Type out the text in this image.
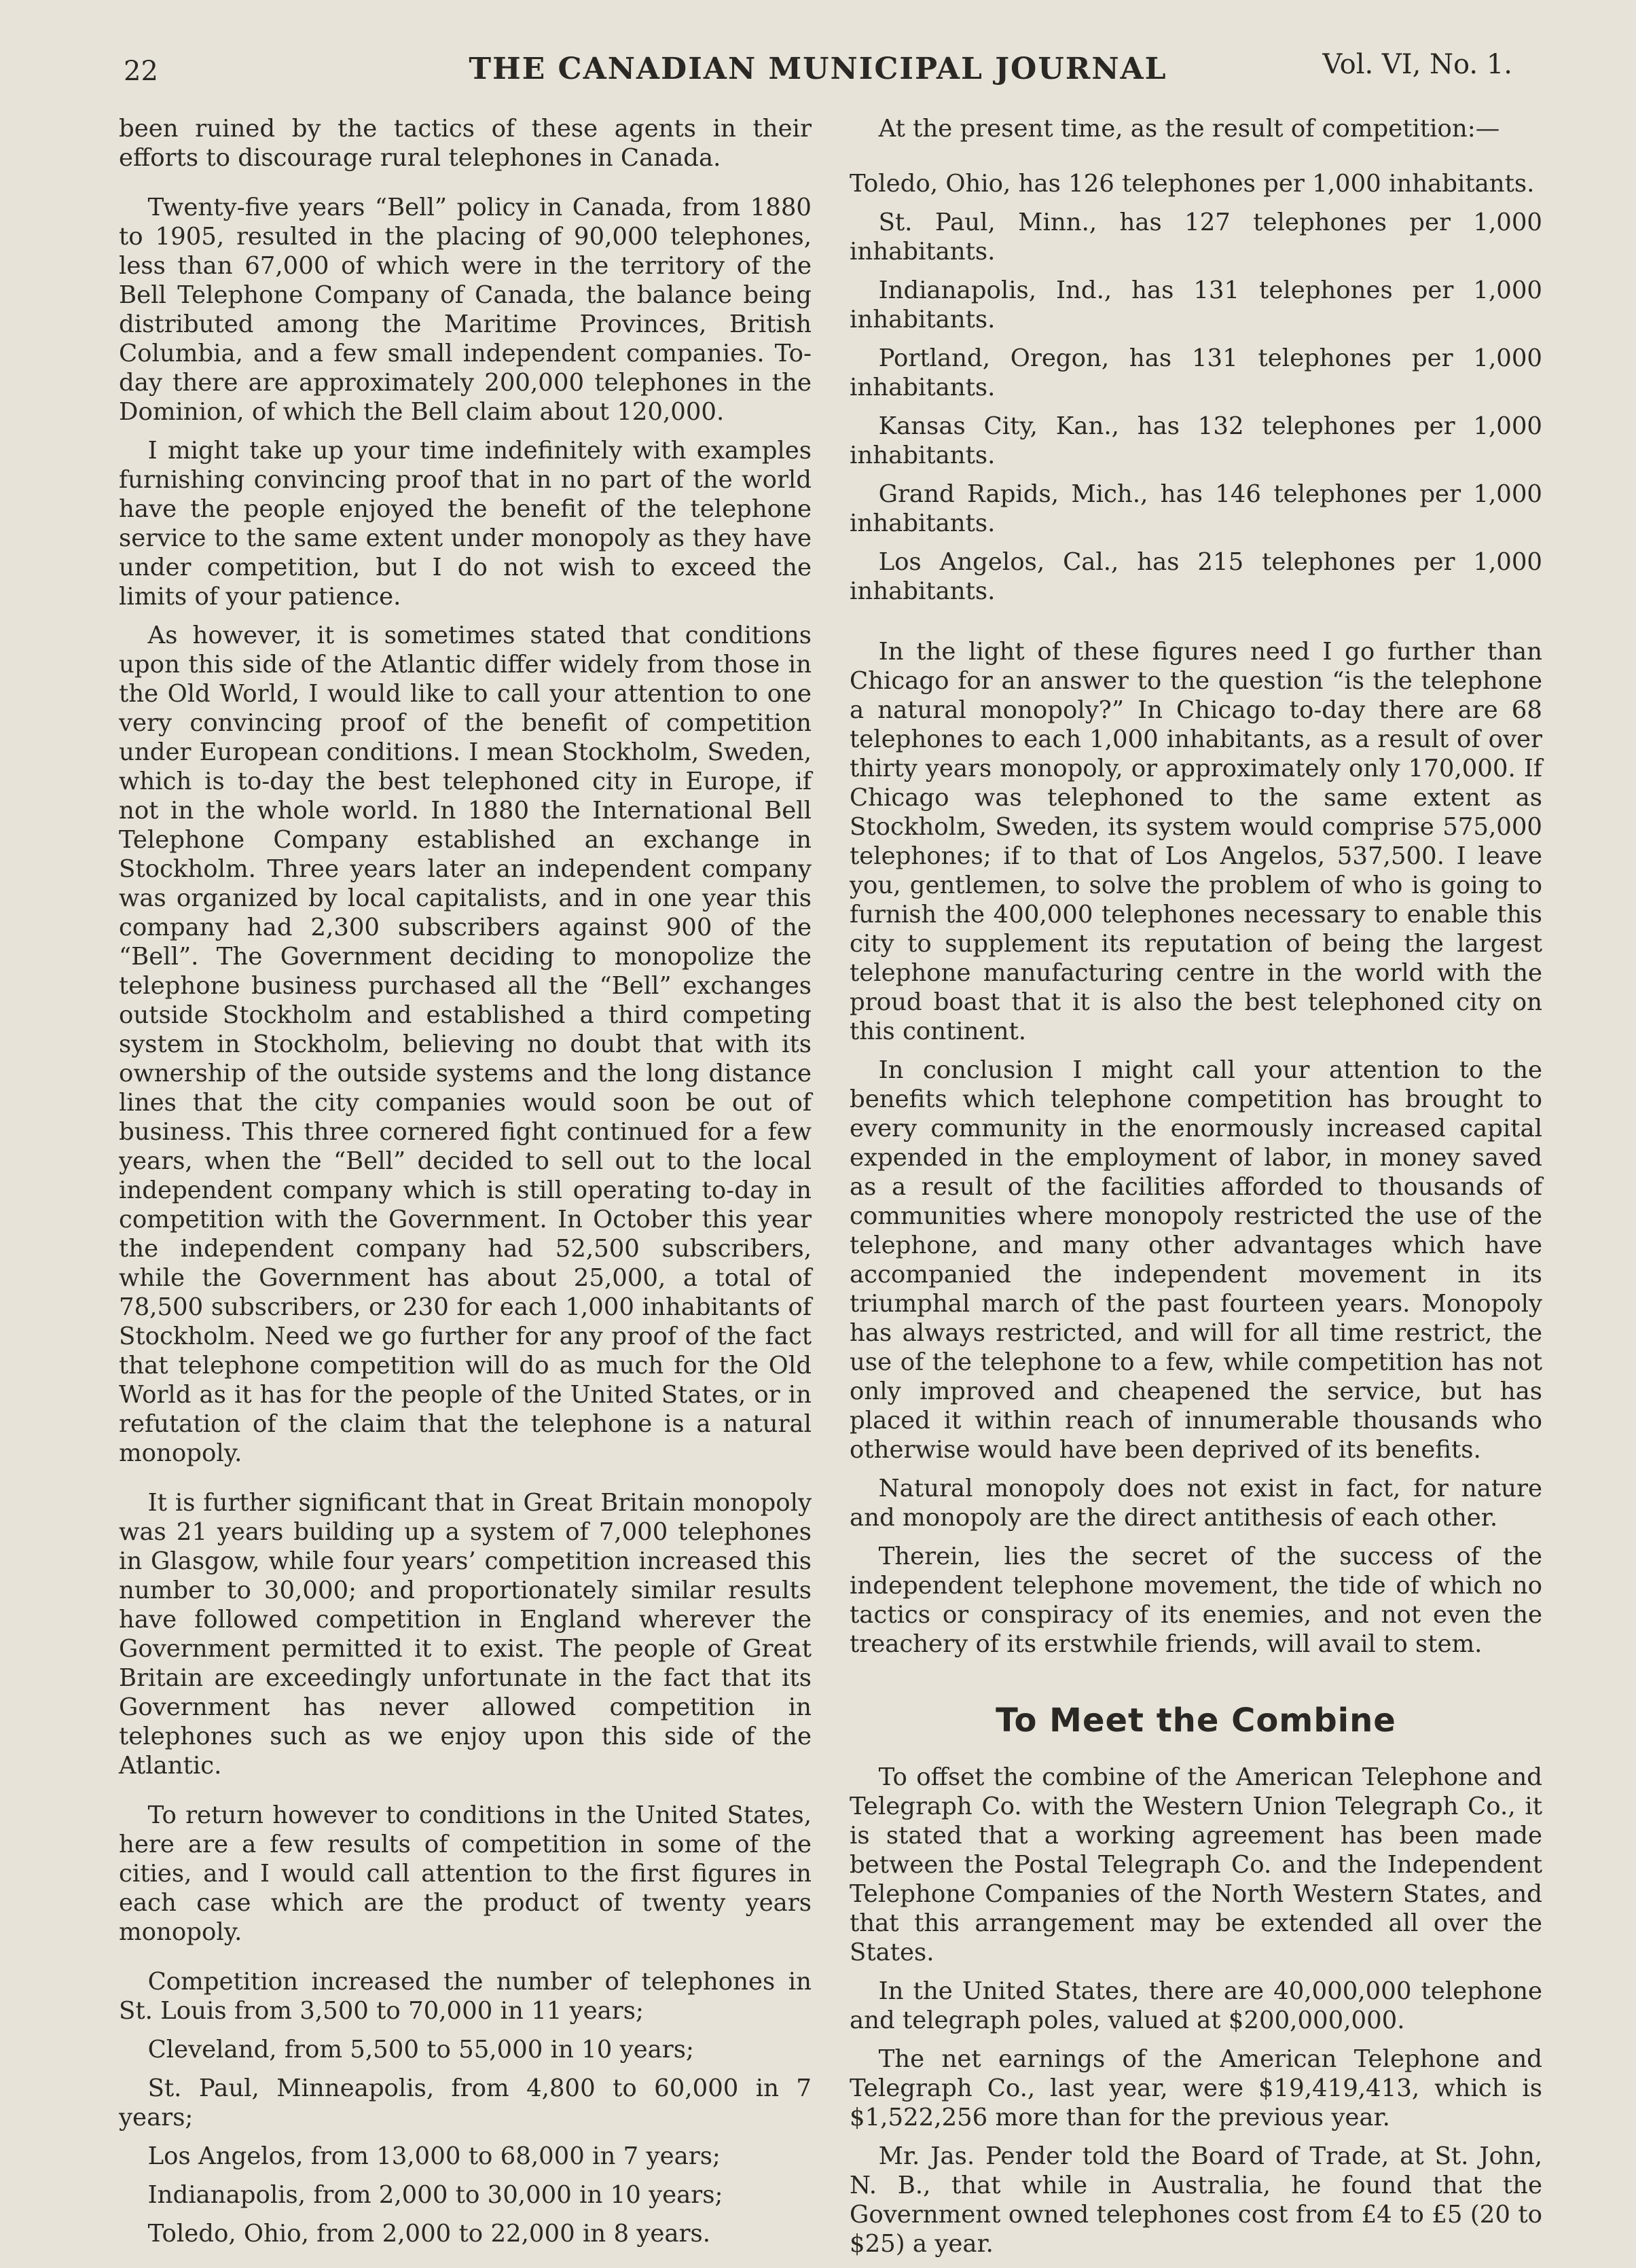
22	THE CANADIAN MUNICIPAL JOURNAL	Vol. VI, No. 1.

been ruined by the tactics of these agents in their efforts to discourage rural telephones in Canada.

Twenty-five years “Bell” policy in Canada, from 1880 to 1905, resulted in the placing of 90,000 telephones, less than 67,000 of which were in the territory of the Bell Telephone Company of Canada, the balance being distributed among the Maritime Provinces, British Columbia, and a few small independent companies. To-day there are approximately 200,000 telephones in the Dominion, of which the Bell claim about 120,000.

I might take up your time indefinitely with examples furnishing convincing proof that in no part of the world have the people enjoyed the benefit of the telephone service to the same extent under monopoly as they have under competition, but I do not wish to exceed the limits of your patience.

As however, it is sometimes stated that conditions upon this side of the Atlantic differ widely from those in the Old World, I would like to call your attention to one very convincing proof of the benefit of competition under European conditions. I mean Stockholm, Sweden, which is to-day the best telephoned city in Europe, if not in the whole world. In 1880 the International Bell Telephone Company established an exchange in Stockholm. Three years later an independent company was organized by local capitalists, and in one year this company had 2,300 subscribers against 900 of the “Bell”. The Government deciding to monopolize the telephone business purchased all the “Bell” exchanges outside Stockholm and established a third competing system in Stockholm, believing no doubt that with its ownership of the outside systems and the long distance lines that the city companies would soon be out of business. This three cornered fight continued for a few years, when the “Bell” decided to sell out to the local independent company which is still operating to-day in competition with the Government. In October this year the independent company had 52,500 subscribers, while the Government has about 25,000, a total of 78,500 subscribers, or 230 for each 1,000 inhabitants of Stockholm. Need we go further for any proof of the fact that telephone competition will do as much for the Old World as it has for the people of the United States, or in refutation of the claim that the telephone is a natural monopoly.

It is further significant that in Great Britain monopoly was 21 years building up a system of 7,000 telephones in Glasgow, while four years’ competition increased this number to 30,000; and proportionately similar results have followed competition in England wherever the Government permitted it to exist. The people of Great Britain are exceedingly unfortunate in the fact that its Government has never allowed competition in telephones such as we enjoy upon this side of the Atlantic.

To return however to conditions in the United States, here are a few results of competition in some of the cities, and I would call attention to the first figures in each case which are the product of twenty years monopoly.

Competition increased the number of telephones in St. Louis from 3,500 to 70,000 in 11 years;

Cleveland, from 5,500 to 55,000 in 10 years;

St. Paul, Minneapolis, from 4,800 to 60,000 in 7 years;

Los Angelos, from 13,000 to 68,000 in 7 years;

Indianapolis, from 2,000 to 30,000 in 10 years;

Toledo, Ohio, from 2,000 to 22,000 in 8 years.

At the present time, as the result of competition:—

Toledo, Ohio, has 126 telephones per 1,000 inhabitants.

St. Paul, Minn., has 127 telephones per 1,000 inhabitants.

Indianapolis, Ind., has 131 telephones per 1,000 inhabitants.

Portland, Oregon, has 131 telephones per 1,000 inhabitants.

Kansas City, Kan., has 132 telephones per 1,000 inhabitants.

Grand Rapids, Mich., has 146 telephones per 1,000 inhabitants.

Los Angelos, Cal., has 215 telephones per 1,000 inhabitants.

In the light of these figures need I go further than Chicago for an answer to the question “is the telephone a natural monopoly?” In Chicago to-day there are 68 telephones to each 1,000 inhabitants, as a result of over thirty years monopoly, or approximately only 170,000. If Chicago was telephoned to the same extent as Stockholm, Sweden, its system would comprise 575,000 telephones; if to that of Los Angelos, 537,500. I leave you, gentlemen, to solve the problem of who is going to furnish the 400,000 telephones necessary to enable this city to supplement its reputation of being the largest telephone manufacturing centre in the world with the proud boast that it is also the best telephoned city on this continent.

In conclusion I might call your attention to the benefits which telephone competition has brought to every community in the enormously increased capital expended in the employment of labor, in money saved as a result of the facilities afforded to thousands of communities where monopoly restricted the use of the telephone, and many other advantages which have accompanied the independent movement in its triumphal march of the past fourteen years. Monopoly has always restricted, and will for all time restrict, the use of the telephone to a few, while competition has not only improved and cheapened the service, but has placed it within reach of innumerable thousands who otherwise would have been deprived of its benefits.

Natural monopoly does not exist in fact, for nature and monopoly are the direct antithesis of each other.

Therein, lies the secret of the success of the independent telephone movement, the tide of which no tactics or conspiracy of its enemies, and not even the treachery of its erstwhile friends, will avail to stem.

To Meet the Combine

To offset the combine of the American Telephone and Telegraph Co. with the Western Union Telegraph Co., it is stated that a working agreement has been made between the Postal Telegraph Co. and the Independent Telephone Companies of the North Western States, and that this arrangement may be extended all over the States.

In the United States, there are 40,000,000 telephone and telegraph poles, valued at $200,000,000.

The net earnings of the American Telephone and Telegraph Co., last year, were $19,419,413, which is $1,522,256 more than for the previous year.

Mr. Jas. Pender told the Board of Trade, at St. John, N. B., that while in Australia, he found that the Government owned telephones cost from £4 to £5 (20 to $25) a year.
